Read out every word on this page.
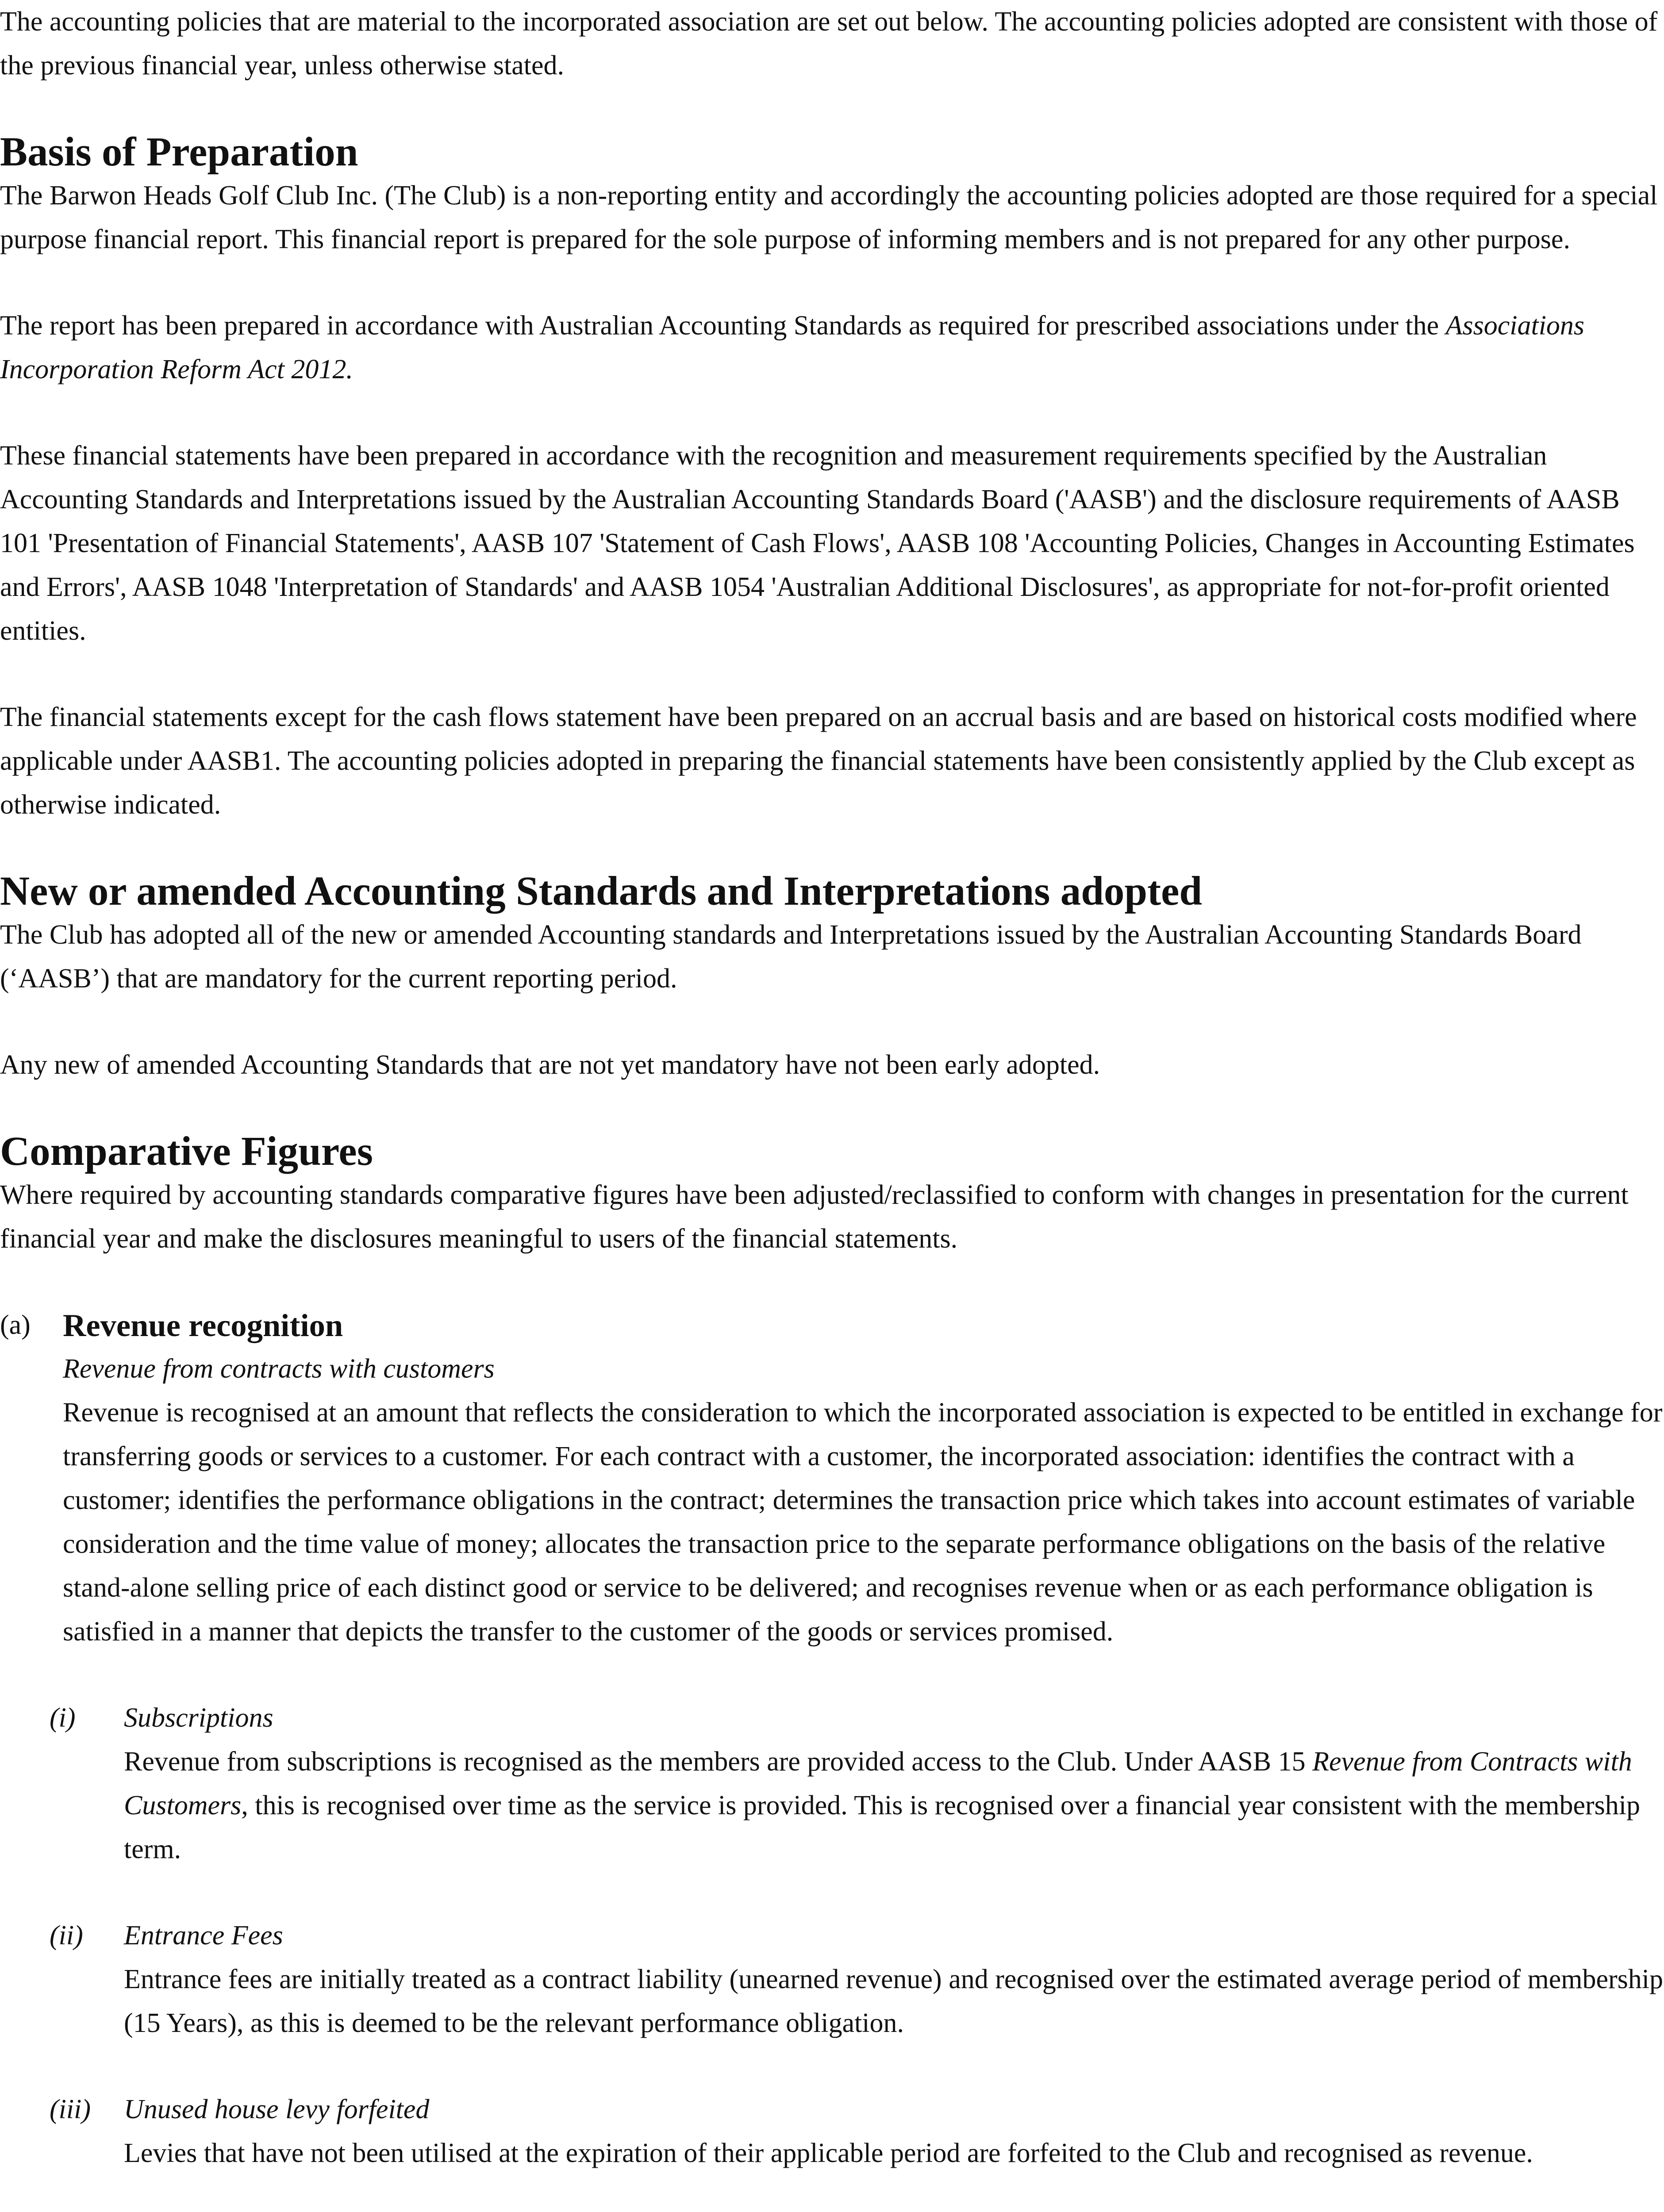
The accounting policies that are material to the incorporated association are set out below. The accounting policies adopted are consistent with those of the previous financial year, unless otherwise stated.

Basis of Preparation

The Barwon Heads Golf Club Inc. (The Club) is a non-reporting entity and accordingly the accounting policies adopted are those required for a special purpose financial report. This financial report is prepared for the sole purpose of informing members and is not prepared for any other purpose.

The report has been prepared in accordance with Australian Accounting Standards as required for prescribed associations under the Associations Incorporation Reform Act 2012.

These financial statements have been prepared in accordance with the recognition and measurement requirements specified by the Australian Accounting Standards and Interpretations issued by the Australian Accounting Standards Board ('AASB') and the disclosure requirements of AASB 101 'Presentation of Financial Statements', AASB 107 'Statement of Cash Flows', AASB 108 'Accounting Policies, Changes in Accounting Estimates and Errors', AASB 1048 'Interpretation of Standards' and AASB 1054 'Australian Additional Disclosures', as appropriate for not-for-profit oriented entities.

The financial statements except for the cash flows statement have been prepared on an accrual basis and are based on historical costs modified where applicable under AASB1. The accounting policies adopted in preparing the financial statements have been consistently applied by the Club except as otherwise indicated.

New or amended Accounting Standards and Interpretations adopted

The Club has adopted all of the new or amended Accounting standards and Interpretations issued by the Australian Accounting Standards Board (‘AASB’) that are mandatory for the current reporting period.

Any new of amended Accounting Standards that are not yet mandatory have not been early adopted.

Comparative Figures

Where required by accounting standards comparative figures have been adjusted/reclassified to conform with changes in presentation for the current financial year and make the disclosures meaningful to users of the financial statements.

(a) Revenue recognition

Revenue from contracts with customers

Revenue is recognised at an amount that reflects the consideration to which the incorporated association is expected to be entitled in exchange for transferring goods or services to a customer. For each contract with a customer, the incorporated association: identifies the contract with a customer; identifies the performance obligations in the contract; determines the transaction price which takes into account estimates of variable consideration and the time value of money; allocates the transaction price to the separate performance obligations on the basis of the relative stand-alone selling price of each distinct good or service to be delivered; and recognises revenue when or as each performance obligation is satisfied in a manner that depicts the transfer to the customer of the goods or services promised.

(i) Subscriptions

Revenue from subscriptions is recognised as the members are provided access to the Club. Under AASB 15 Revenue from Contracts with Customers, this is recognised over time as the service is provided. This is recognised over a financial year consistent with the membership term.

(ii) Entrance Fees

Entrance fees are initially treated as a contract liability (unearned revenue) and recognised over the estimated average period of membership (15 Years), as this is deemed to be the relevant performance obligation.

(iii) Unused house levy forfeited

Levies that have not been utilised at the expiration of their applicable period are forfeited to the Club and recognised as revenue.
